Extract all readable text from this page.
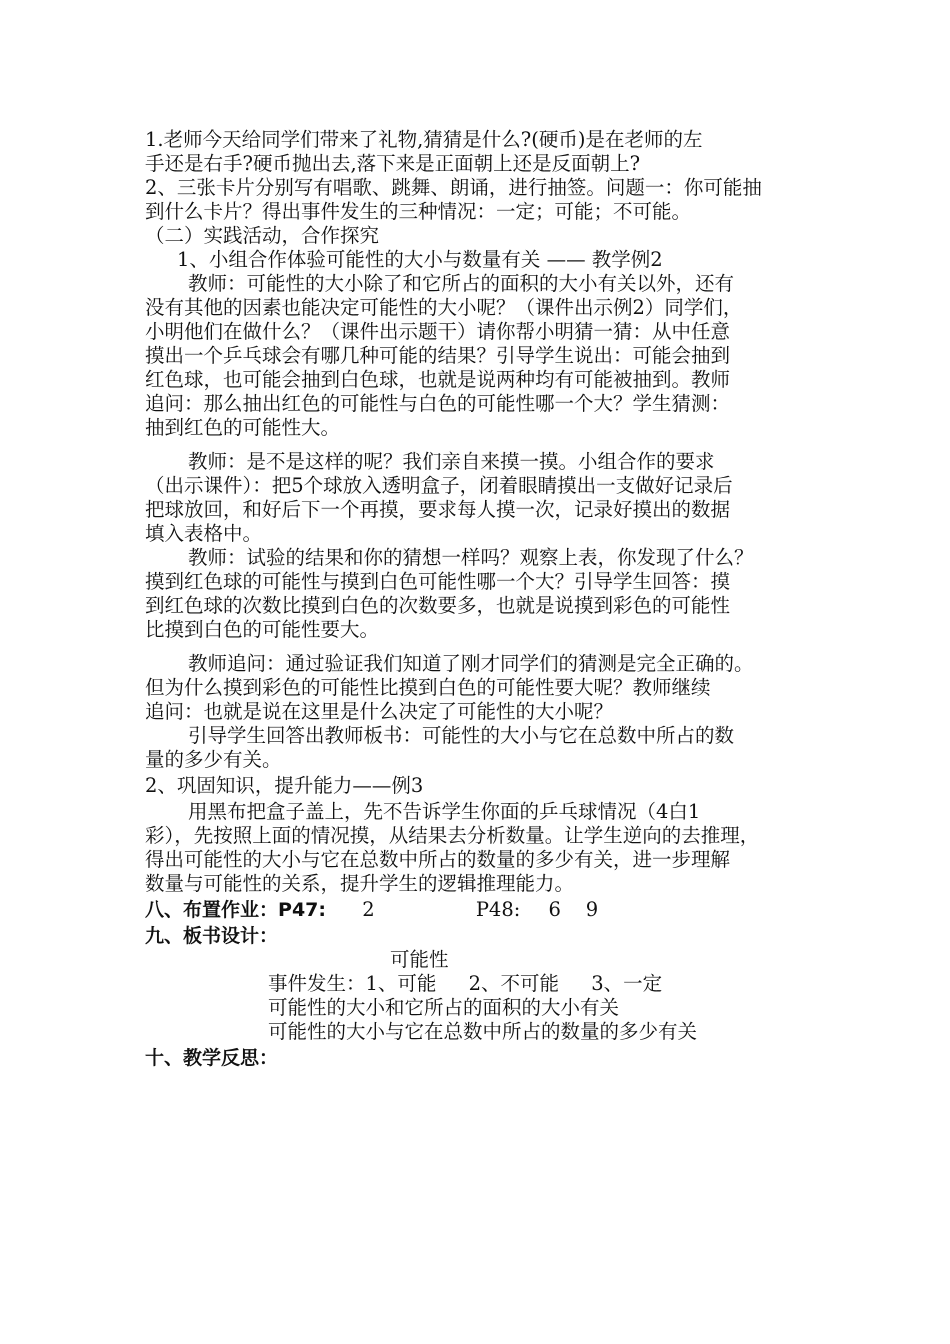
1.老师今天给同学们带来了礼物,猜猜是什么?(硬币)是在老师的左
手还是右手?硬币抛出去,落下来是正面朝上还是反面朝上?
2、三张卡片分别写有唱歌、跳舞、朗诵，进行抽签。问题一：你可能抽
到什么卡片？得出事件发生的三种情况：一定；可能；不可能。
（二）实践活动，合作探究
1、小组合作体验可能性的大小与数量有关 —— 教学例2
教师：可能性的大小除了和它所占的面积的大小有关以外，还有
没有其他的因素也能决定可能性的大小呢？（课件出示例2）同学们，
小明他们在做什么？（课件出示题干）请你帮小明猜一猜：从中任意
摸出一个乒乓球会有哪几种可能的结果？引导学生说出：可能会抽到
红色球，也可能会抽到白色球，也就是说两种均有可能被抽到。教师
追问：那么抽出红色的可能性与白色的可能性哪一个大？学生猜测：
抽到红色的可能性大。
教师：是不是这样的呢？我们亲自来摸一摸。小组合作的要求
（出示课件）：把5个球放入透明盒子，闭着眼睛摸出一支做好记录后
把球放回，和好后下一个再摸，要求每人摸一次，记录好摸出的数据
填入表格中。
教师：试验的结果和你的猜想一样吗？观察上表，你发现了什么？
摸到红色球的可能性与摸到白色可能性哪一个大？引导学生回答：摸
到红色球的次数比摸到白色的次数要多，也就是说摸到彩色的可能性
比摸到白色的可能性要大。
教师追问：通过验证我们知道了刚才同学们的猜测是完全正确的。
但为什么摸到彩色的可能性比摸到白色的可能性要大呢？教师继续
追问：也就是说在这里是什么决定了可能性的大小呢？
引导学生回答出教师板书：可能性的大小与它在总数中所占的数
量的多少有关。
2、巩固知识，提升能力——例3
用黑布把盒子盖上，先不告诉学生你面的乒乓球情况（4白1
彩），先按照上面的情况摸，从结果去分析数量。让学生逆向的去推理，
得出可能性的大小与它在总数中所占的数量的多少有关，进一步理解
数量与可能性的关系，提升学生的逻辑推理能力。
八、布置作业：P47: 2	P48: 6    9
九、板书设计：
可能性
事件发生：1、可能 2、不可能 3、一定
可能性的大小和它所占的面积的大小有关
可能性的大小与它在总数中所占的数量的多少有关
十、教学反思：
